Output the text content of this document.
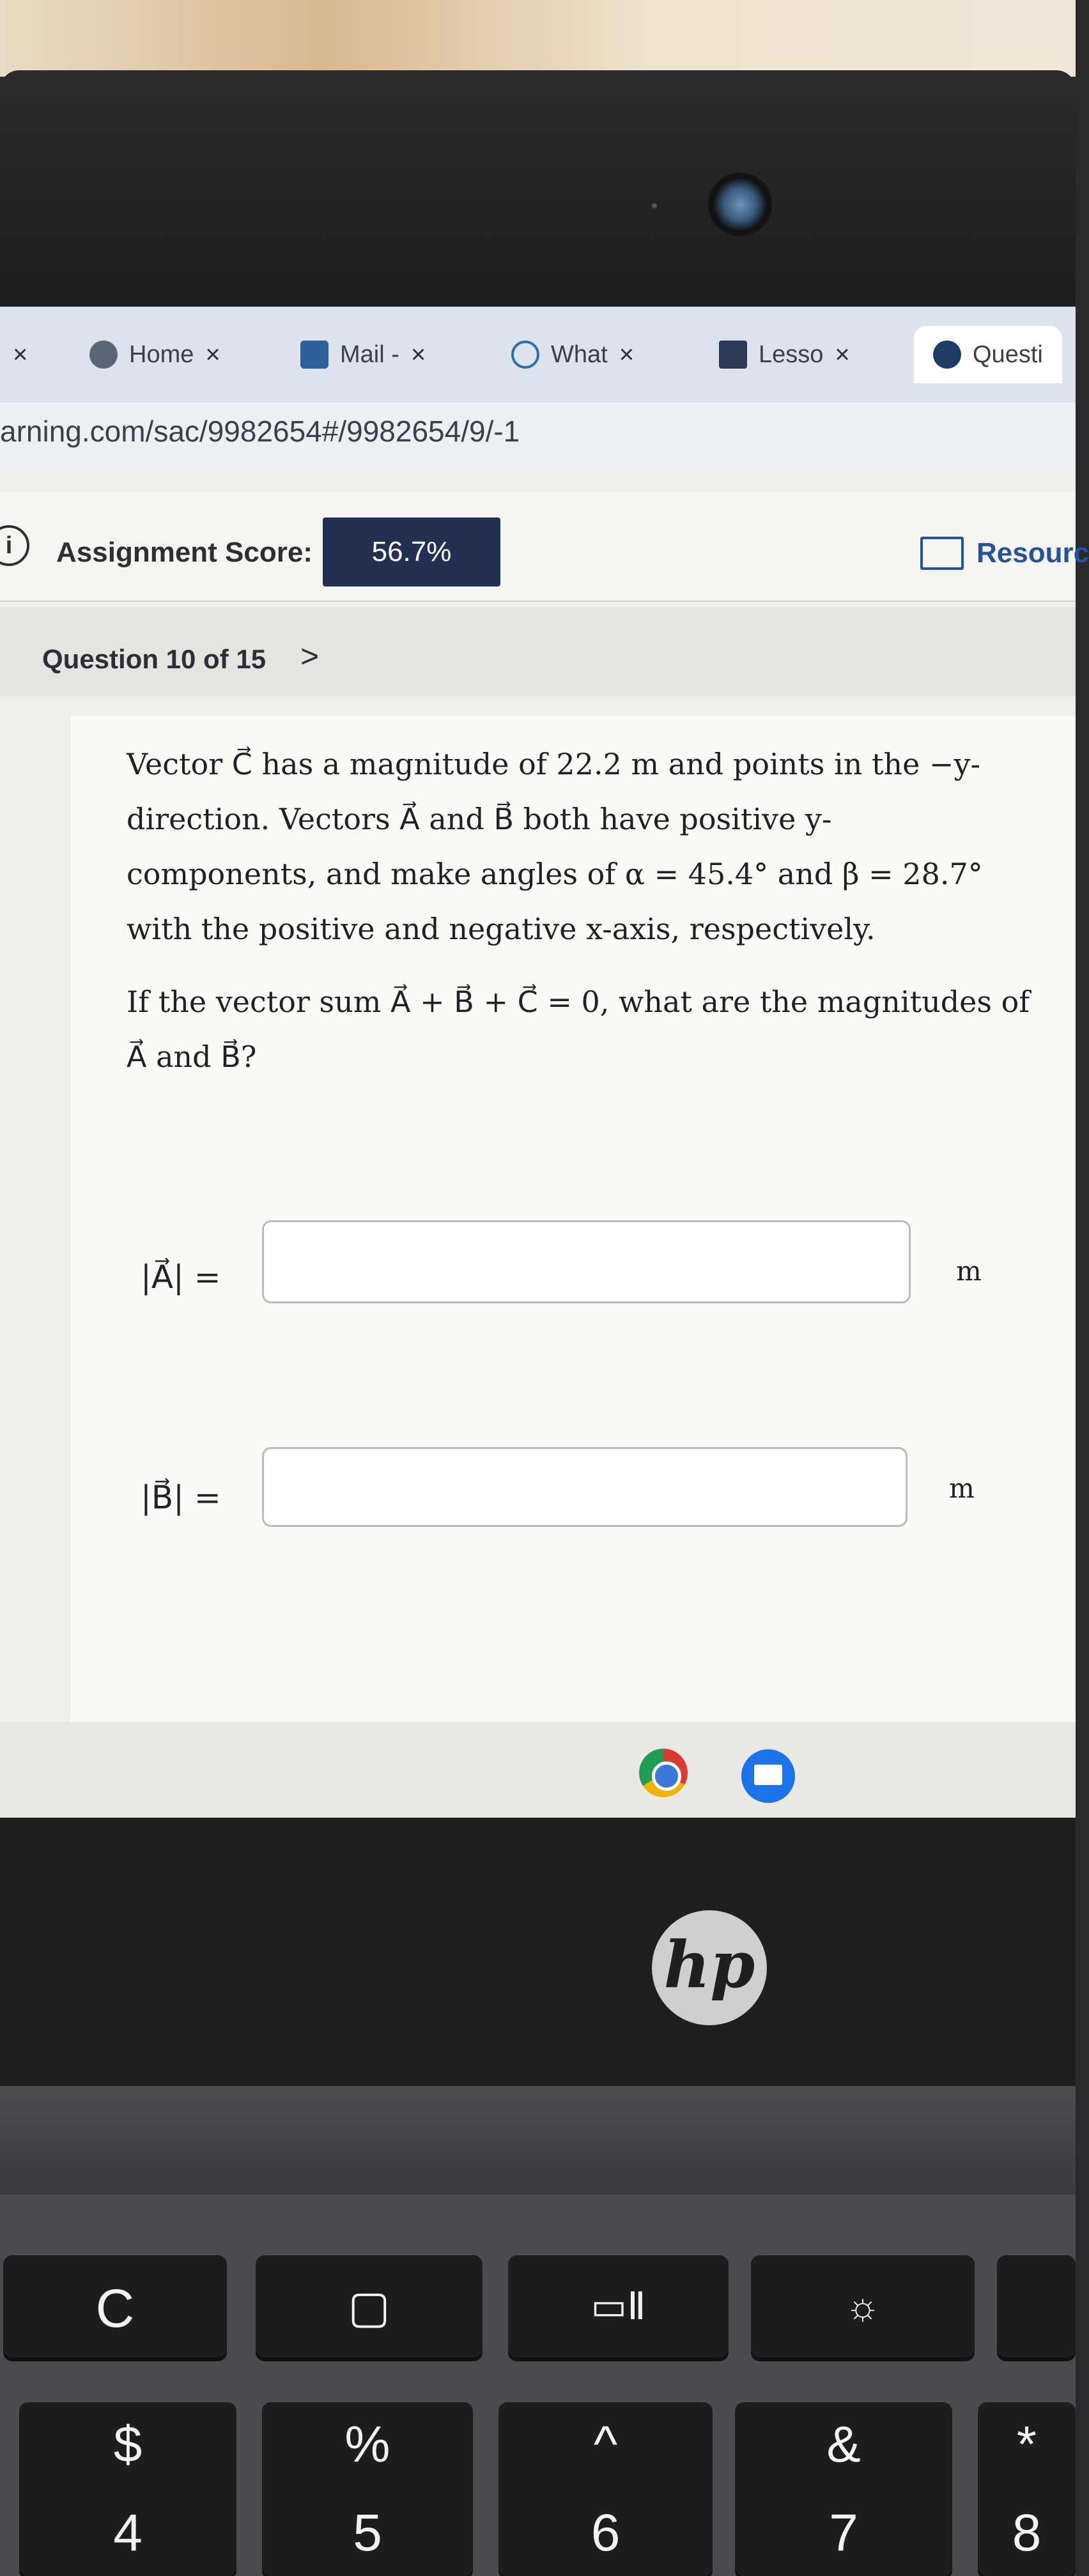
×	Home ×	Mail - ×	What ×	Lesso ×	Questi
arning.com/sac/9982654#/9982654/9/-1
i	Assignment Score:	56.7%	Resourc
Question 10 of 15 >
Vector C⃗ has a magnitude of 22.2 m and points in the −y-direction. Vectors A⃗ and B⃗ both have positive y-components, and make angles of α = 45.4° and β = 28.7° with the positive and negative x-axis, respectively.
If the vector sum A⃗ + B⃗ + C⃗ = 0, what are the magnitudes of A⃗ and B⃗?
|A⃗| =	m
|B⃗| =	m
hp
C	▢	▭Ⅱ	☼
$
4
%
5
^
6
&
7
*
8
